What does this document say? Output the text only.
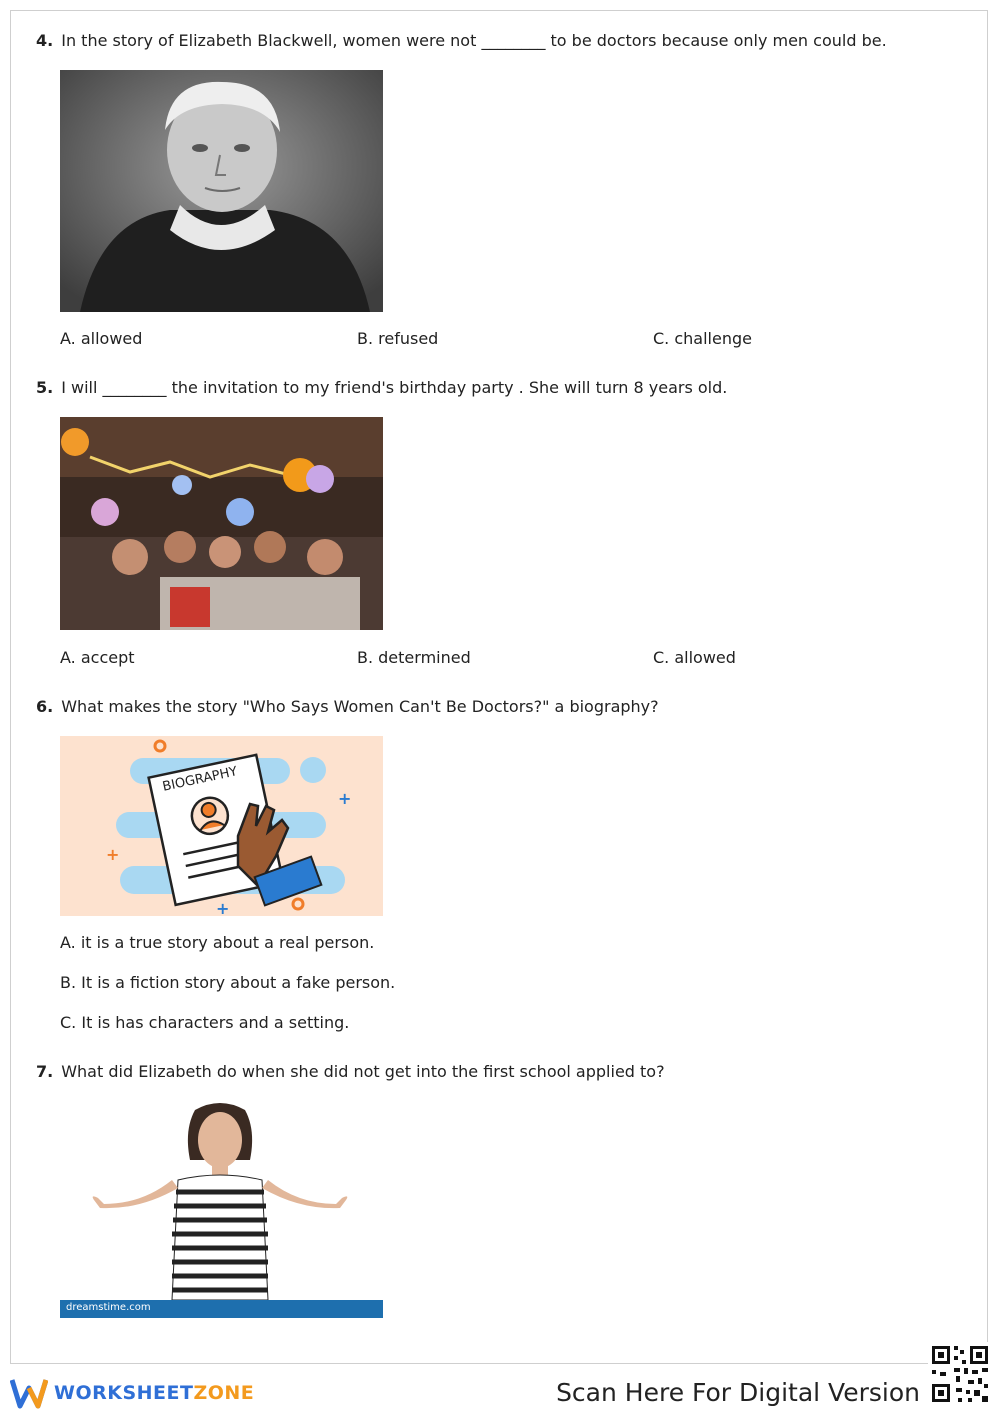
4. In the story of Elizabeth Blackwell, women were not ________ to be doctors because only men could be.
A. allowed	B. refused	C. challenge
5. I will ________ the invitation to my friend's birthday party . She will turn 8 years old.
A. accept	B. determined	C. allowed
6. What makes the story "Who Says Women Can't Be Doctors?" a biography?
+
+
+
BIOGRAPHY
A. it is a true story about a real person.
B. It is a fiction story about a fake person.
C. It is has characters and a setting.
7. What did Elizabeth do when she did not get into the first school applied to?
dreamstime.com
WORKSHEETZONE	Scan Here For Digital Version
